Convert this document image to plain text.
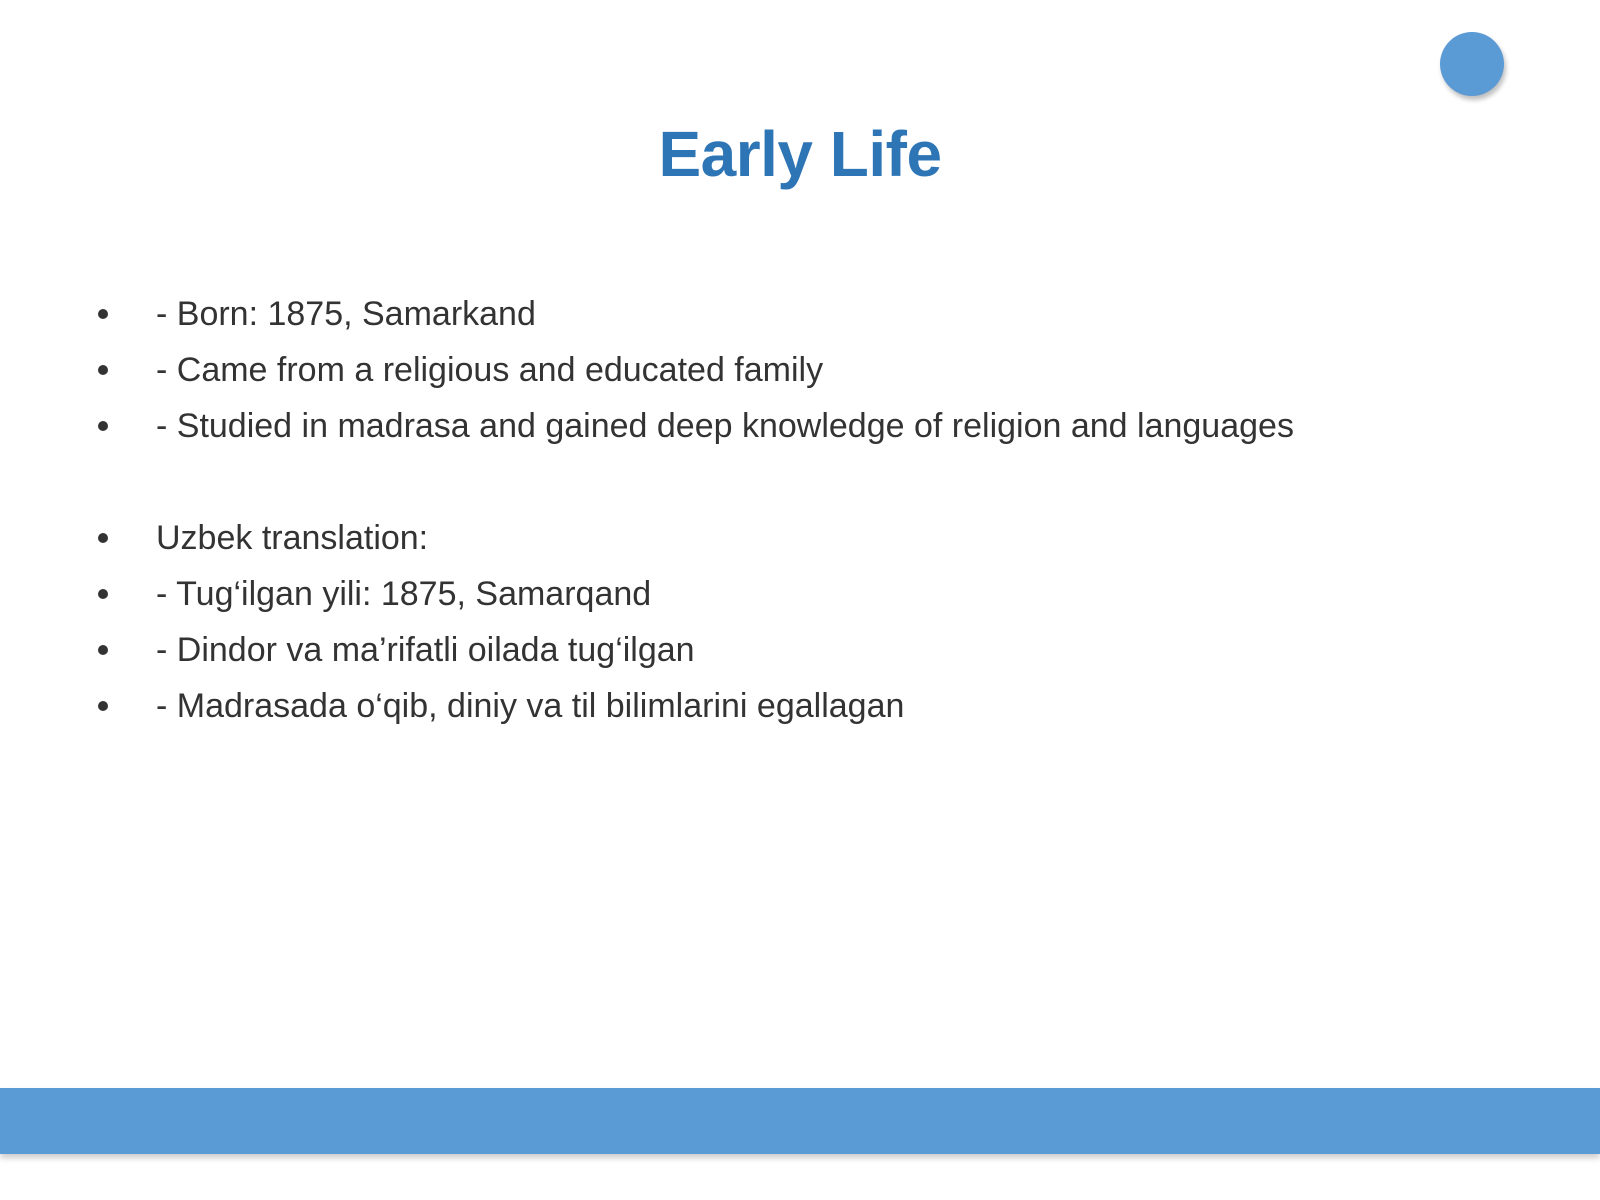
Early Life
- Born: 1875, Samarkand
- Came from a religious and educated family
- Studied in madrasa and gained deep knowledge of religion and languages
Uzbek translation:
- Tug‘ilgan yili: 1875, Samarqand
- Dindor va ma’rifatli oilada tug‘ilgan
- Madrasada o‘qib, diniy va til bilimlarini egallagan
